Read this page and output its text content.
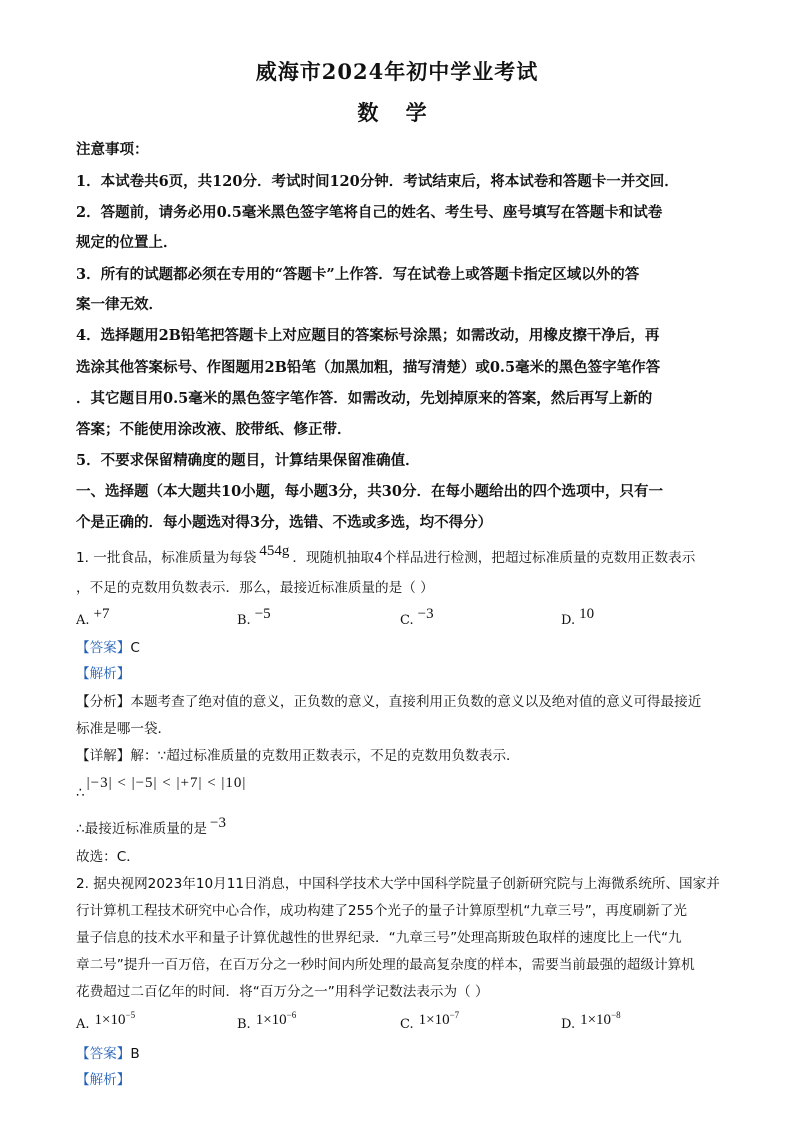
威海市2024年初中学业考试
数 学
注意事项：
1．本试卷共6页，共120分．考试时间120分钟．考试结束后，将本试卷和答题卡一并交回．
2．答题前，请务必用0.5毫米黑色签字笔将自己的姓名、考生号、座号填写在答题卡和试卷
规定的位置上．
3．所有的试题都必须在专用的“答题卡”上作答．写在试卷上或答题卡指定区域以外的答
案一律无效．
4．选择题用2B铅笔把答题卡上对应题目的答案标号涂黑；如需改动，用橡皮擦干净后，再
选涂其他答案标号、作图题用2B铅笔（加黑加粗，描写清楚）或0.5毫米的黑色签字笔作答
．其它题目用0.5毫米的黑色签字笔作答．如需改动，先划掉原来的答案，然后再写上新的
答案；不能使用涂改液、胶带纸、修正带．
5．不要求保留精确度的题目，计算结果保留准确值．
一、选择题（本大题共10小题，每小题3分，共30分．在每小题给出的四个选项中，只有一
个是正确的．每小题选对得3分，选错、不选或多选，均不得分）
1. 一批食品，标准质量为每袋 454g ．现随机抽取4个样品进行检测，把超过标准质量的克数用正数表示
，不足的克数用负数表示．那么，最接近标准质量的是（ ）
A. +7	B. −5	C. −3	D. 10
【答案】C
【解析】
【分析】本题考查了绝对值的意义，正负数的意义，直接利用正负数的意义以及绝对值的意义可得最接近
标准是哪一袋．
【详解】解：∵超过标准质量的克数用正数表示，不足的克数用负数表示．
∴|−3| < |−5| < |+7| < |10|
∴最接近标准质量的是 −3
故选：C．
2. 据央视网2023年10月11日消息，中国科学技术大学中国科学院量子创新研究院与上海微系统所、国家并
行计算机工程技术研究中心合作，成功构建了255个光子的量子计算原型机“九章三号”，再度刷新了光
量子信息的技术水平和量子计算优越性的世界纪录．“九章三号”处理高斯玻色取样的速度比上一代“九
章二号”提升一百万倍，在百万分之一秒时间内所处理的最高复杂度的样本，需要当前最强的超级计算机
花费超过二百亿年的时间．将“百万分之一”用科学记数法表示为（ ）
A. $1\times 10^{-5}$
B. $1\times 10^{-6}$
C. $1\times 10^{-7}$
D. $1\times 10^{-8}$
【答案】B
【解析】
